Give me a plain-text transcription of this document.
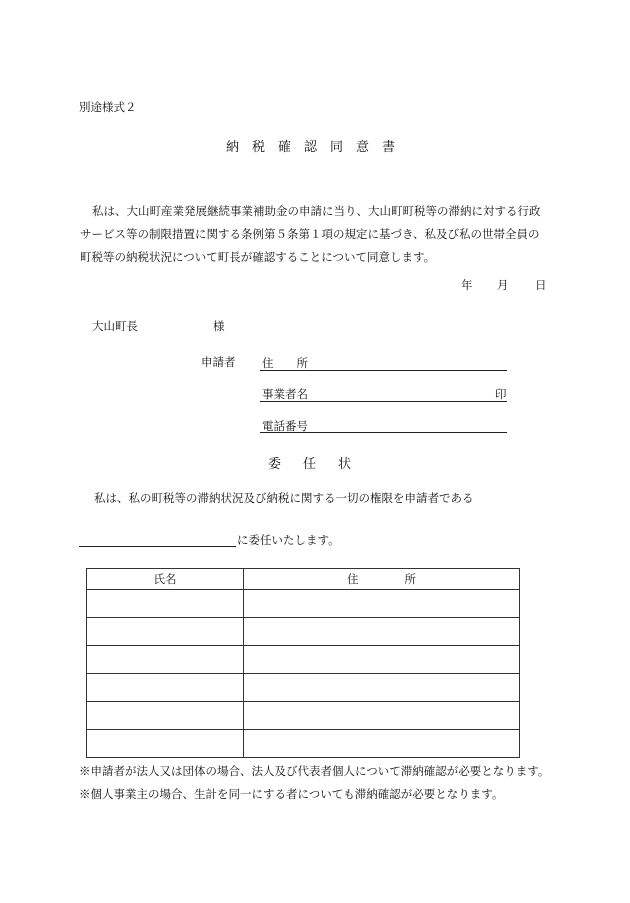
別途様式２
納税確認同意書
私は、大山町産業発展継続事業補助金の申請に当り、大山町町税等の滞納に対する行政サービス等の制限措置に関する条例第５条第１項の規定に基づき、私及び私の世帯全員の町税等の納税状況について町長が確認することについて同意します。
年 月 日
大山町長	様
申請者 住　　所
事業者名	印
電話番号
委任状
私は、私の町税等の滞納状況及び納税に関する一切の権限を申請者である
に委任いたします。
氏名	住　　　　所

※申請者が法人又は団体の場合、法人及び代表者個人について滞納確認が必要となります。
※個人事業主の場合、生計を同一にする者についても滞納確認が必要となります。
